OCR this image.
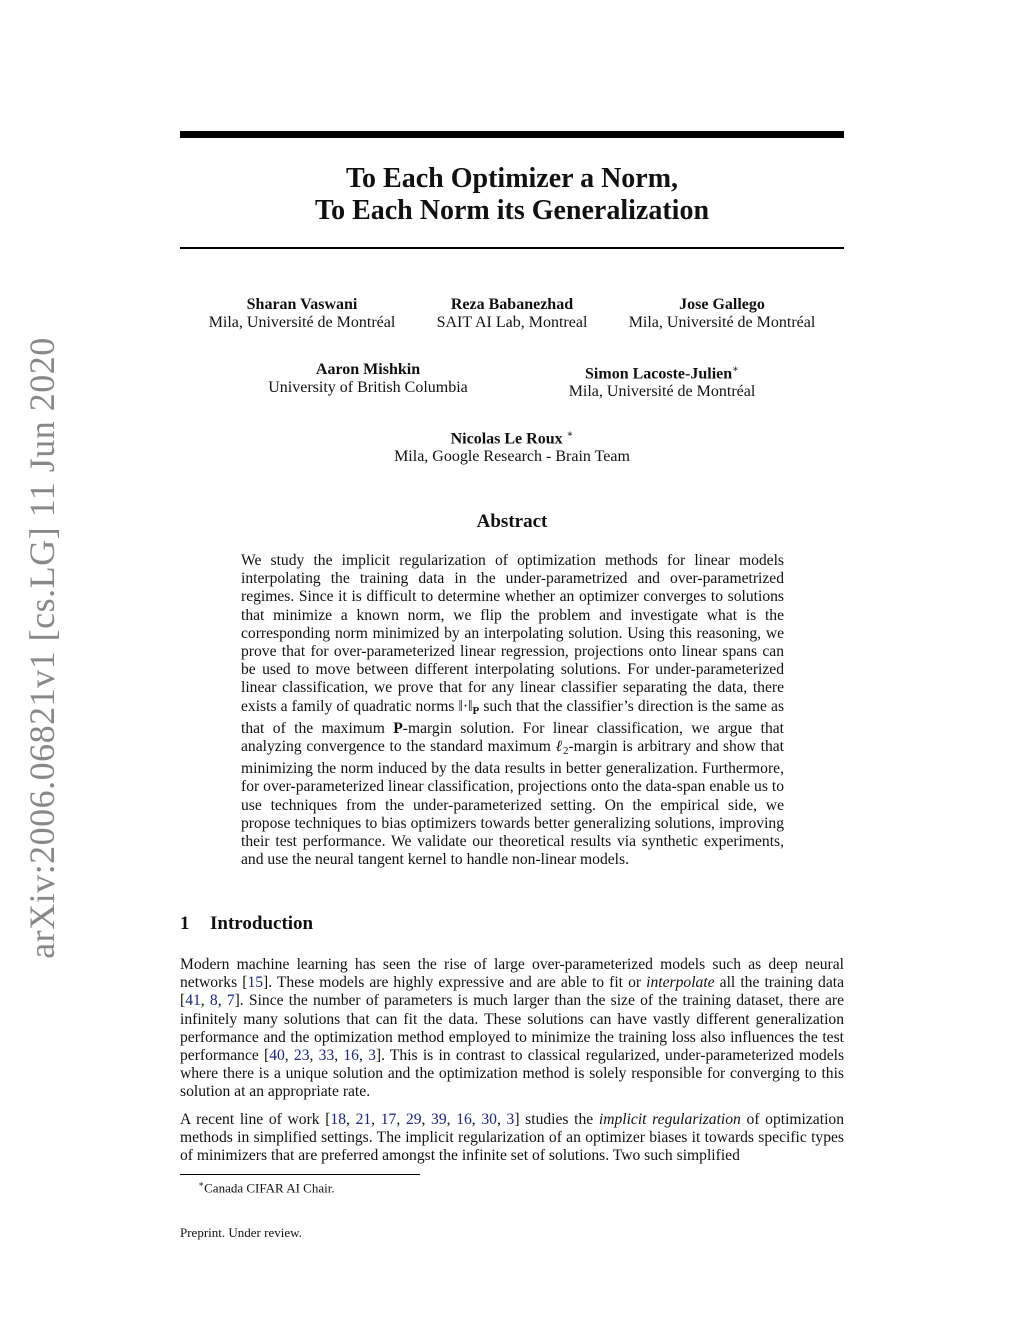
arXiv:2006.06821v1 [cs.LG] 11 Jun 2020
To Each Optimizer a Norm,
To Each Norm its Generalization
Sharan Vaswani
Mila, Université de Montréal
Reza Babanezhad
SAIT AI Lab, Montreal
Jose Gallego
Mila, Université de Montréal
Aaron Mishkin
University of British Columbia
Simon Lacoste-Julien∗
Mila, Université de Montréal
Nicolas Le Roux ∗
Mila, Google Research - Brain Team
Abstract

We study the implicit regularization of optimization methods for linear models interpolating the training data in the under-parametrized and over-parametrized regimes. Since it is difficult to determine whether an optimizer converges to solutions that minimize a known norm, we flip the problem and investigate what is the corresponding norm minimized by an interpolating solution. Using this reasoning, we prove that for over-parameterized linear regression, projections onto linear spans can be used to move between different interpolating solutions. For under-parameterized linear classification, we prove that for any linear classifier separating the data, there exists a family of quadratic norms ‖·‖P such that the classifier’s direction is the same as that of the maximum P-margin solution. For linear classification, we argue that analyzing convergence to the standard maximum ℓ2-margin is arbitrary and show that minimizing the norm induced by the data results in better generalization. Furthermore, for over-parameterized linear classification, projections onto the data-span enable us to use techniques from the under-parameterized setting. On the empirical side, we propose techniques to bias optimizers towards better generalizing solutions, improving their test performance. We validate our theoretical results via synthetic experiments, and use the neural tangent kernel to handle non-linear models.

1 Introduction

Modern machine learning has seen the rise of large over-parameterized models such as deep neural networks [15]. These models are highly expressive and are able to fit or interpolate all the training data [41, 8, 7]. Since the number of parameters is much larger than the size of the training dataset, there are infinitely many solutions that can fit the data. These solutions can have vastly different generalization performance and the optimization method employed to minimize the training loss also influences the test performance [40, 23, 33, 16, 3]. This is in contrast to classical regularized, under-parameterized models where there is a unique solution and the optimization method is solely responsible for converging to this solution at an appropriate rate.

A recent line of work [18, 21, 17, 29, 39, 16, 30, 3] studies the implicit regularization of optimization methods in simplified settings. The implicit regularization of an optimizer biases it towards specific types of minimizers that are preferred amongst the infinite set of solutions. Two such simplified

∗Canada CIFAR AI Chair.
Preprint. Under review.
